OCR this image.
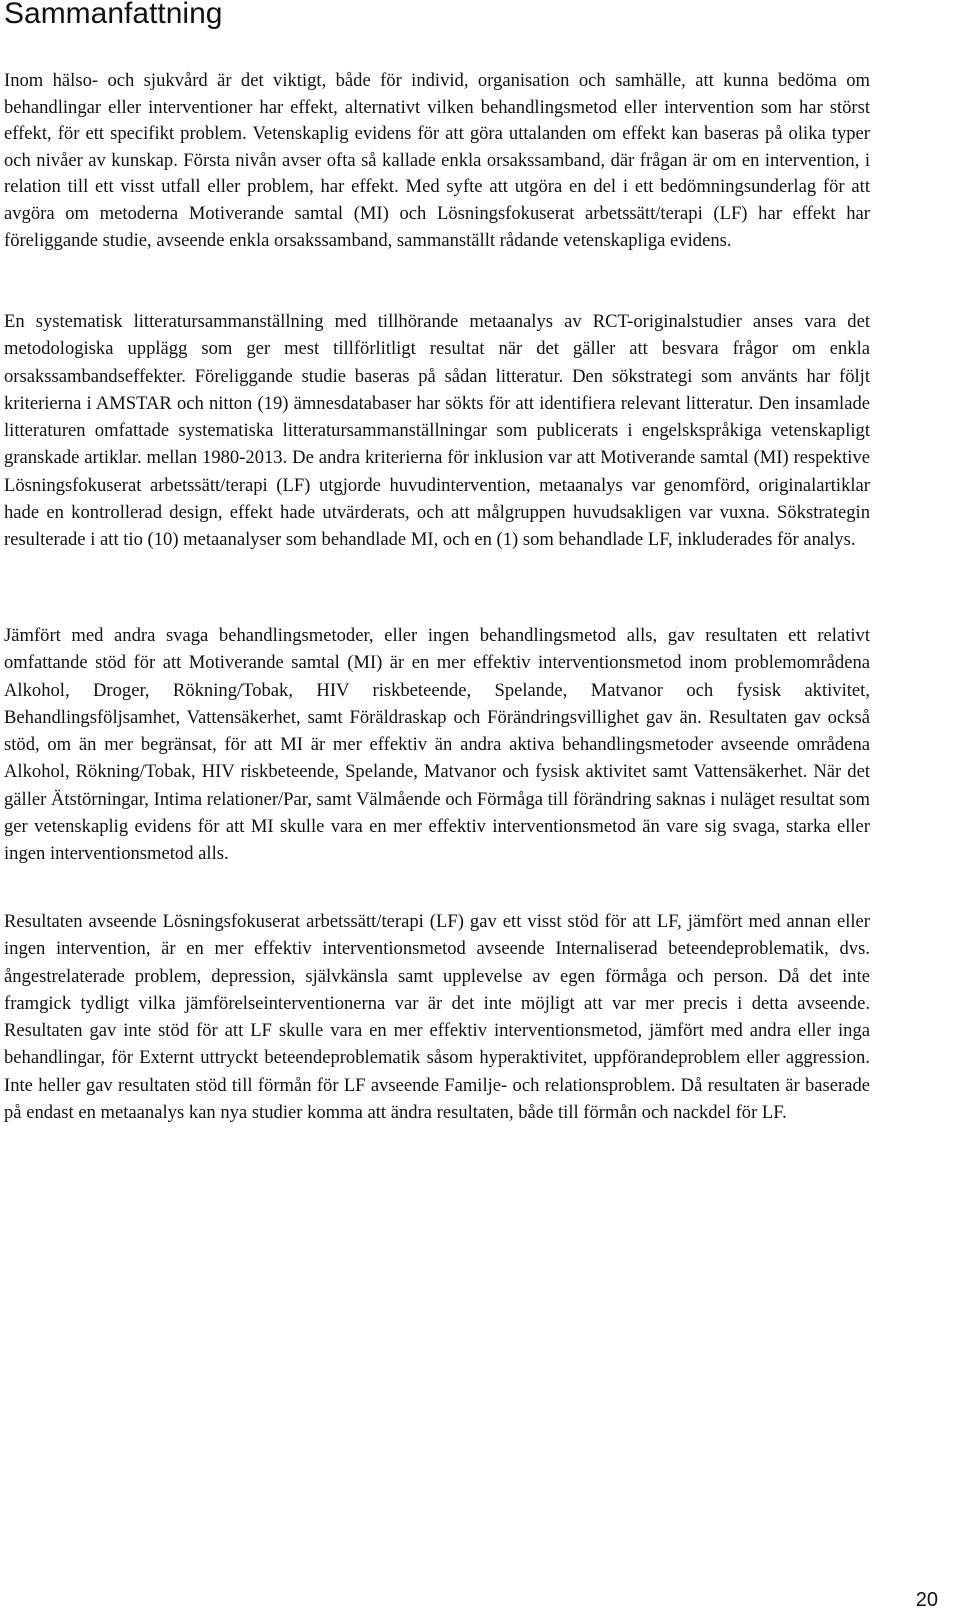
Sammanfattning

Inom hälso- och sjukvård är det viktigt, både för individ, organisation och samhälle, att kunna bedöma om behandlingar eller interventioner har effekt, alternativt vilken behandlingsmetod eller intervention som har störst effekt, för ett specifikt problem. Vetenskaplig evidens för att göra uttalanden om effekt kan baseras på olika typer och nivåer av kunskap. Första nivån avser ofta så kallade enkla orsakssamband, där frågan är om en intervention, i relation till ett visst utfall eller problem, har effekt. Med syfte att utgöra en del i ett bedömningsunderlag för att avgöra om metoderna Motiverande samtal (MI) och Lösningsfokuserat arbetssätt/terapi (LF) har effekt har föreliggande studie, avseende enkla orsakssamband, sammanställt rådande vetenskapliga evidens.

En systematisk litteratursammanställning med tillhörande metaanalys av RCT-originalstudier anses vara det metodologiska upplägg som ger mest tillförlitligt resultat när det gäller att besvara frågor om enkla orsakssambandseffekter. Föreliggande studie baseras på sådan litteratur. Den sökstrategi som använts har följt kriterierna i AMSTAR och nitton (19) ämnesdatabaser har sökts för att identifiera relevant litteratur. Den insamlade litteraturen omfattade systematiska litteratursammanställningar som publicerats i engelskspråkiga vetenskapligt granskade artiklar. mellan 1980-2013. De andra kriterierna för inklusion var att Motiverande samtal (MI) respektive Lösningsfokuserat arbetssätt/terapi (LF) utgjorde huvudintervention, metaanalys var genomförd, originalartiklar hade en kontrollerad design, effekt hade utvärderats, och att målgruppen huvudsakligen var vuxna. Sökstrategin resulterade i att tio (10) metaanalyser som behandlade MI, och en (1) som behandlade LF, inkluderades för analys.

Jämfört med andra svaga behandlingsmetoder, eller ingen behandlingsmetod alls, gav resultaten ett relativt omfattande stöd för att Motiverande samtal (MI) är en mer effektiv interventionsmetod inom problemområdena Alkohol, Droger, Rökning/Tobak, HIV riskbeteende, Spelande, Matvanor och fysisk aktivitet, Behandlingsföljsamhet, Vattensäkerhet, samt Föräldraskap och Förändringsvillighet gav än. Resultaten gav också stöd, om än mer begränsat, för att MI är mer effektiv än andra aktiva behandlingsmetoder avseende områdena Alkohol, Rökning/Tobak, HIV riskbeteende, Spelande, Matvanor och fysisk aktivitet samt Vattensäkerhet. När det gäller Ätstörningar, Intima relationer/Par, samt Välmående och Förmåga till förändring saknas i nuläget resultat som ger vetenskaplig evidens för att MI skulle vara en mer effektiv interventionsmetod än vare sig svaga, starka eller ingen interventionsmetod alls.

Resultaten avseende Lösningsfokuserat arbetssätt/terapi (LF) gav ett visst stöd för att LF, jämfört med annan eller ingen intervention, är en mer effektiv interventionsmetod avseende Internaliserad beteendeproblematik, dvs. ångestrelaterade problem, depression, självkänsla samt upplevelse av egen förmåga och person. Då det inte framgick tydligt vilka jämförelseinterventionerna var är det inte möjligt att var mer precis i detta avseende. Resultaten gav inte stöd för att LF skulle vara en mer effektiv interventionsmetod, jämfört med andra eller inga behandlingar, för Externt uttryckt beteendeproblematik såsom hyperaktivitet, uppförandeproblem eller aggression. Inte heller gav resultaten stöd till förmån för LF avseende Familje- och relationsproblem. Då resultaten är baserade på endast en metaanalys kan nya studier komma att ändra resultaten, både till förmån och nackdel för LF.

20
